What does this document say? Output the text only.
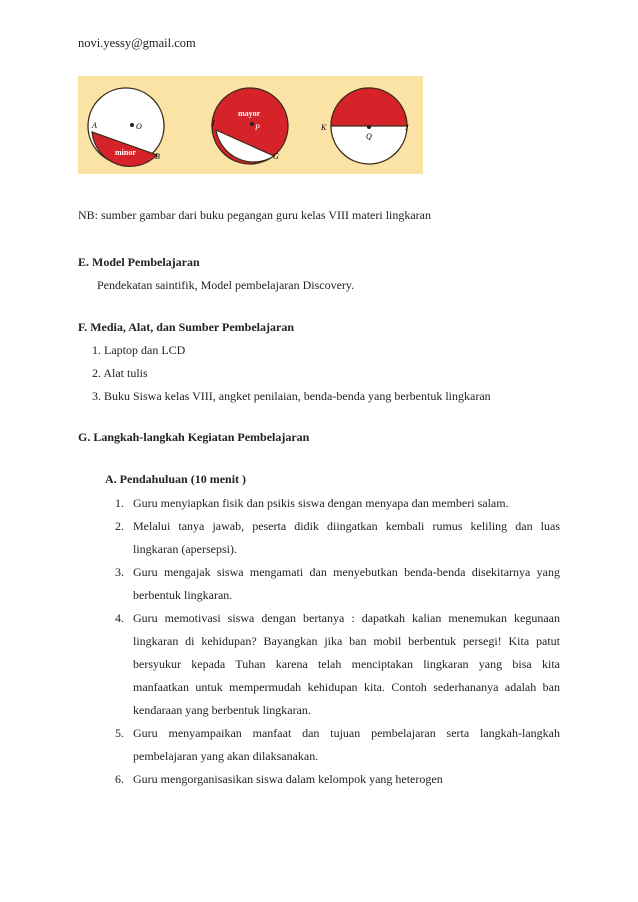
novi.yessy@gmail.com
O
A
B
minor
P
mayor
J
G
Q
K	J
NB: sumber gambar dari buku pegangan guru kelas VIII materi lingkaran
E. Model Pembelajaran
Pendekatan saintifik, Model pembelajaran Discovery.
F. Media, Alat, dan Sumber Pembelajaran
1. Laptop dan LCD
2. Alat tulis
3. Buku Siswa kelas VIII, angket penilaian, benda-benda yang berbentuk lingkaran
G. Langkah-langkah Kegiatan Pembelajaran
A. Pendahuluan (10 menit )
1. Guru menyiapkan fisik dan psikis siswa dengan menyapa dan memberi salam.
2. Melalui tanya jawab, peserta didik diingatkan kembali rumus keliling dan luas
lingkaran (apersepsi).
3. Guru mengajak siswa mengamati dan menyebutkan benda-benda disekitarnya yang
berbentuk lingkaran.
4. Guru memotivasi siswa dengan bertanya : dapatkah kalian menemukan kegunaan
lingkaran di kehidupan? Bayangkan jika ban mobil berbentuk persegi! Kita patut
bersyukur kepada Tuhan karena telah menciptakan lingkaran yang bisa kita
manfaatkan untuk mempermudah kehidupan kita. Contoh sederhananya adalah ban
kendaraan yang berbentuk lingkaran.
5. Guru menyampaikan manfaat dan tujuan pembelajaran serta langkah-langkah
pembelajaran yang akan dilaksanakan.
6. Guru mengorganisasikan siswa dalam kelompok yang heterogen
